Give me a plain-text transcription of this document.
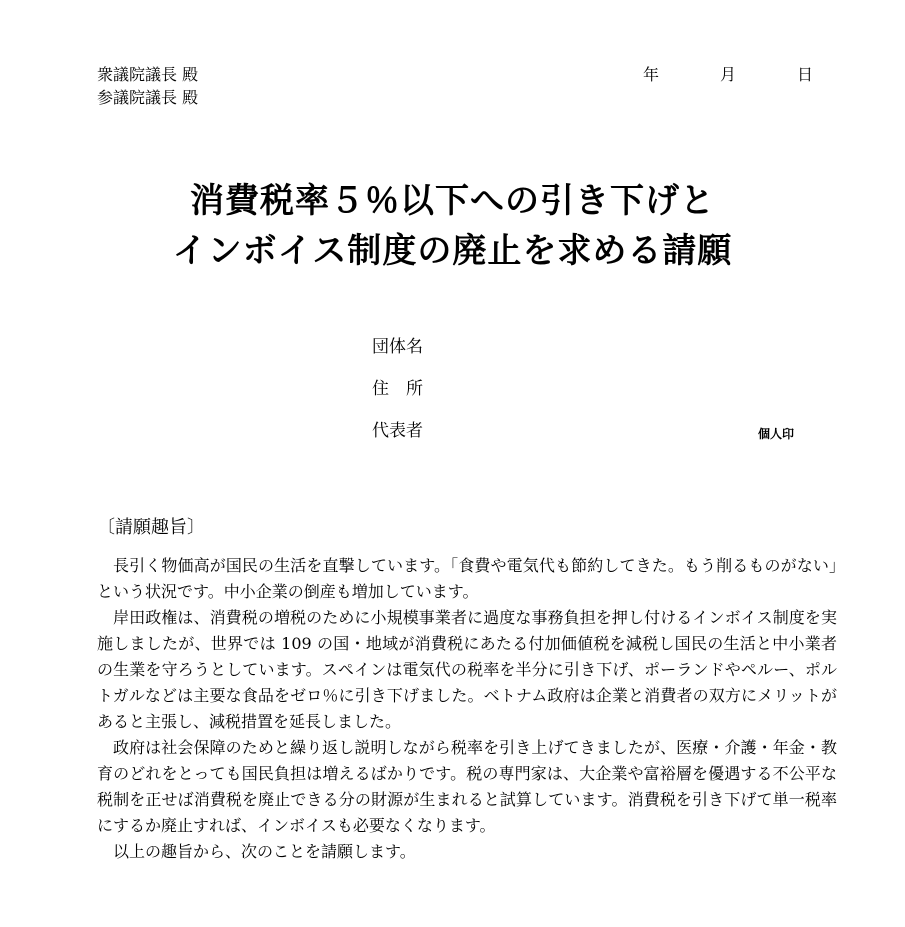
衆議院議長 殿
参議院議長 殿
年	月	日
消費税率５％以下への引き下げと
インボイス制度の廃止を求める請願
団体名
住　所
代表者	個人印
〔請願趣旨〕

長引く物価高が国民の生活を直撃しています。「食費や電気代も節約してきた。もう削るものがない」という状況です。中小企業の倒産も増加しています。

岸田政権は、消費税の増税のために小規模事業者に過度な事務負担を押し付けるインボイス制度を実施しましたが、世界では 109 の国・地域が消費税にあたる付加価値税を減税し国民の生活と中小業者の生業を守ろうとしています。スペインは電気代の税率を半分に引き下げ、ポーランドやペルー、ポルトガルなどは主要な食品をゼロ％に引き下げました。ベトナム政府は企業と消費者の双方にメリットがあると主張し、減税措置を延長しました。

政府は社会保障のためと繰り返し説明しながら税率を引き上げてきましたが、医療・介護・年金・教育のどれをとっても国民負担は増えるばかりです。税の専門家は、大企業や富裕層を優遇する不公平な税制を正せば消費税を廃止できる分の財源が生まれると試算しています。消費税を引き下げて単一税率にするか廃止すれば、インボイスも必要なくなります。

以上の趣旨から、次のことを請願します。
